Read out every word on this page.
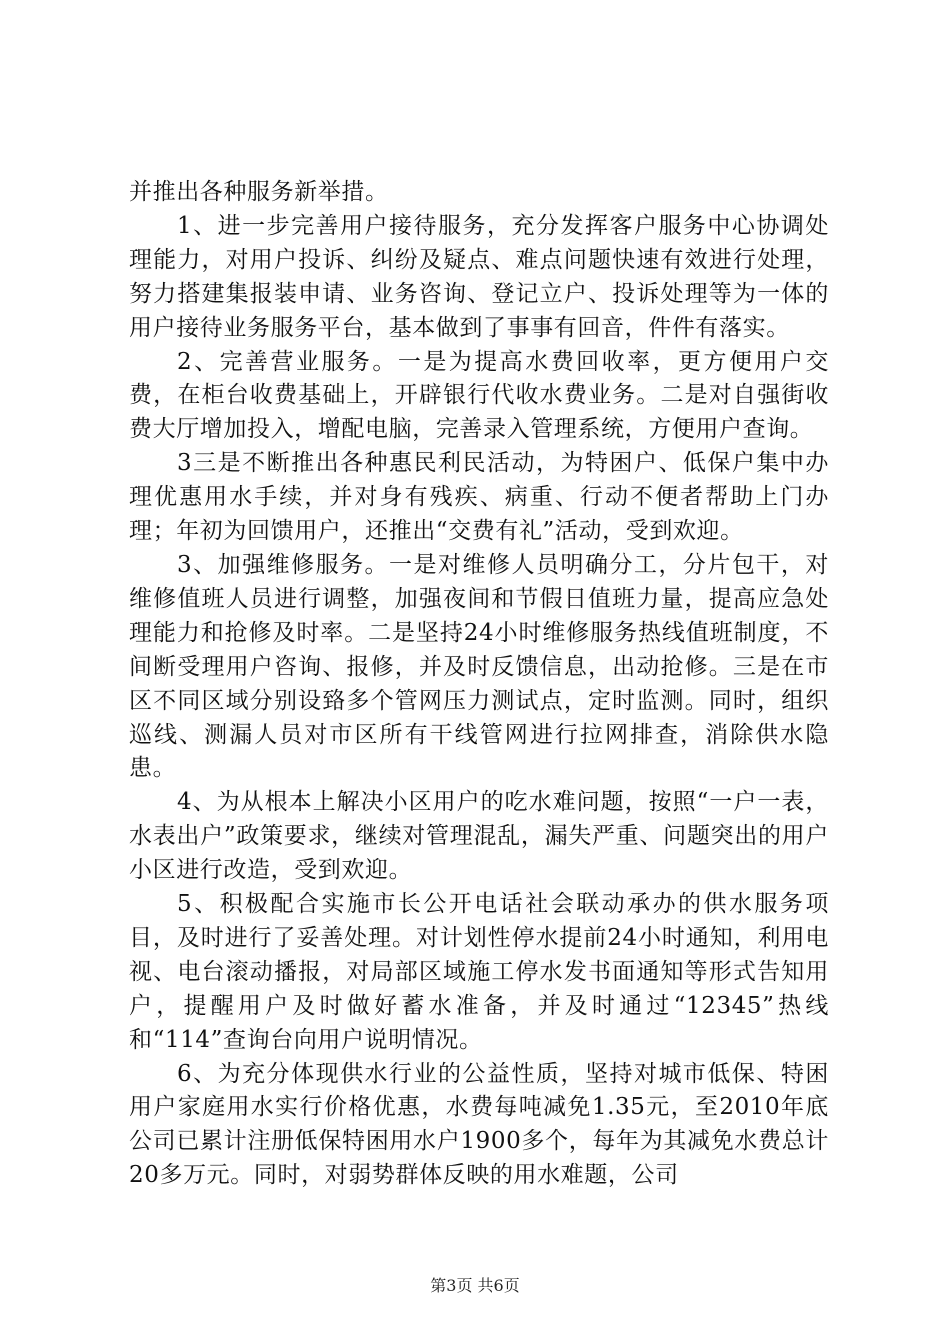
并推出各种服务新举措。

1、进一步完善用户接待服务，充分发挥客户服务中心协调处理能力，对用户投诉、纠纷及疑点、难点问题快速有效进行处理，努力搭建集报装申请、业务咨询、登记立户、投诉处理等为一体的用户接待业务服务平台，基本做到了事事有回音，件件有落实。

2、完善营业服务。一是为提高水费回收率，更方便用户交费，在柜台收费基础上，开辟银行代收水费业务。二是对自强街收费大厅增加投入，增配电脑，完善录入管理系统，方便用户查询。

3三是不断推出各种惠民利民活动，为特困户、低保户集中办理优惠用水手续，并对身有残疾、病重、行动不便者帮助上门办理；年初为回馈用户，还推出“交费有礼”活动，受到欢迎。

3、加强维修服务。一是对维修人员明确分工，分片包干，对维修值班人员进行调整，加强夜间和节假日值班力量，提高应急处理能力和抢修及时率。二是坚持24小时维修服务热线值班制度，不间断受理用户咨询、报修，并及时反馈信息，出动抢修。三是在市区不同区域分别设臵多个管网压力测试点，定时监测。同时，组织巡线、测漏人员对市区所有干线管网进行拉网排查，消除供水隐患。

4、为从根本上解决小区用户的吃水难问题，按照“一户一表，水表出户”政策要求，继续对管理混乱，漏失严重、问题突出的用户小区进行改造，受到欢迎。

5、积极配合实施市长公开电话社会联动承办的供水服务项目，及时进行了妥善处理。对计划性停水提前24小时通知，利用电视、电台滚动播报，对局部区域施工停水发书面通知等形式告知用户，提醒用户及时做好蓄水准备，并及时通过“12345”热线和“114”查询台向用户说明情况。

6、为充分体现供水行业的公益性质，坚持对城市低保、特困用户家庭用水实行价格优惠，水费每吨减免1.35元，至2010年底公司已累计注册低保特困用水户1900多个，每年为其减免水费总计20多万元。同时，对弱势群体反映的用水难题，公司

第3页 共6页
